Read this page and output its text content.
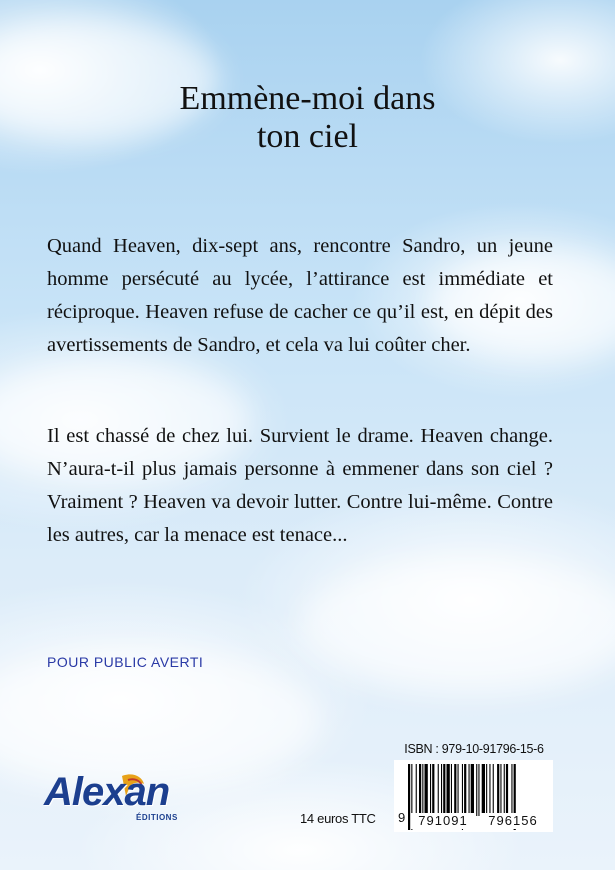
Emmène-moi dans
ton ciel
Quand Heaven, dix-sept ans, rencontre Sandro, un jeune homme persécuté au lycée, l’attirance est immédiate et réciproque. Heaven refuse de cacher ce qu’il est, en dépit des avertissements de Sandro, et cela va lui coûter cher.
Il est chassé de chez lui. Survient le drame. Heaven change. N’aura-t-il plus jamais personne à emmener dans son ciel ? Vraiment ? Heaven va devoir lutter. Contre lui-même. Contre les autres, car la menace est tenace...
POUR PUBLIC AVERTI
Alexan
ÉDITIONS	14 euros TTC
ISBN : 979-10-91796-15-6
9	791091	796156
